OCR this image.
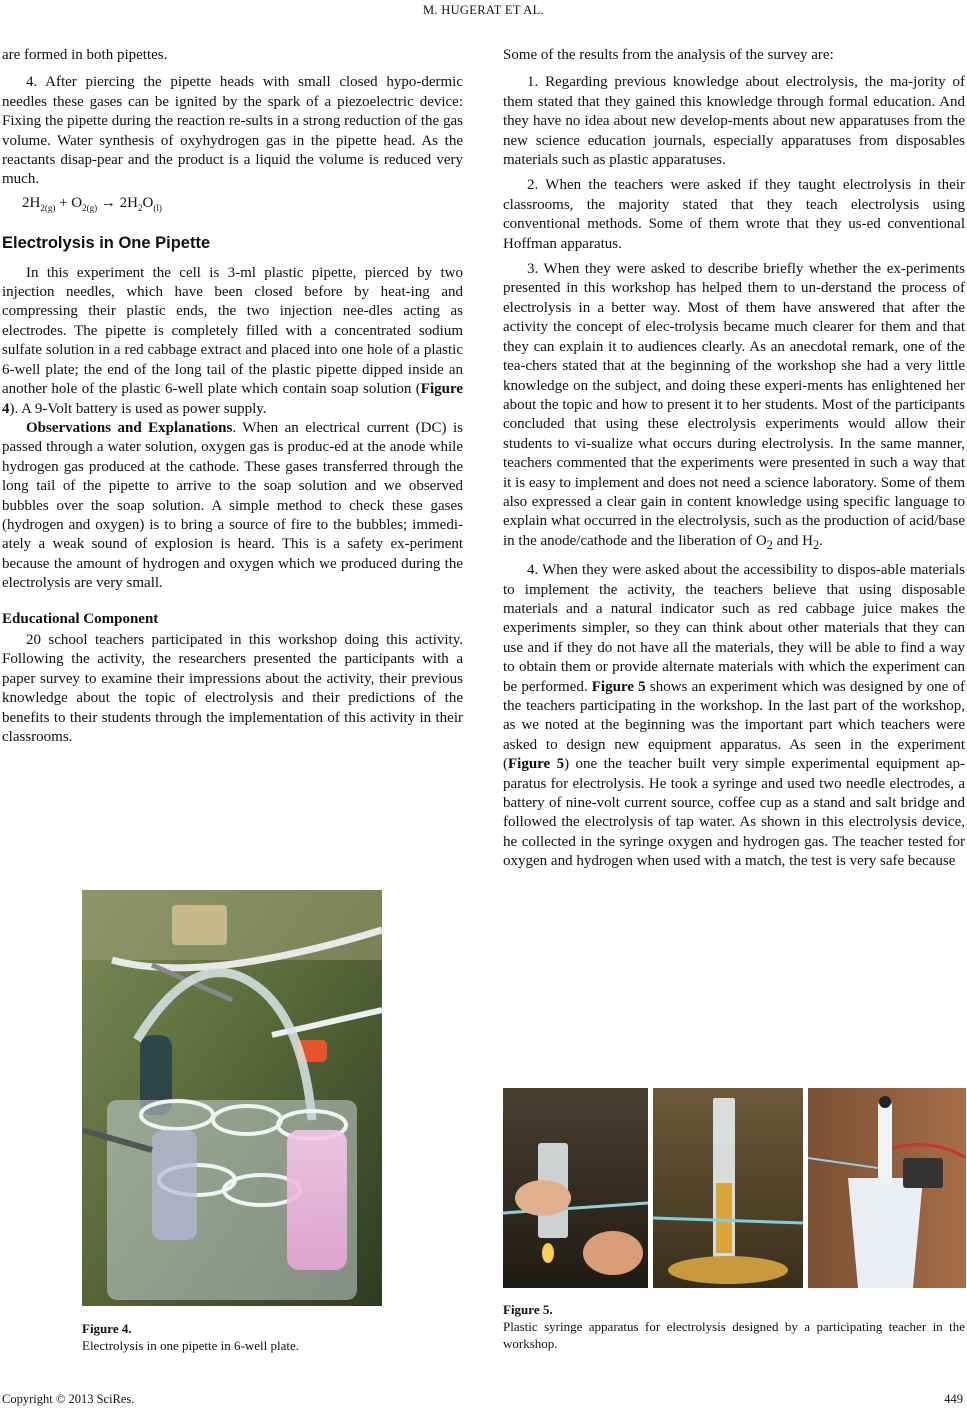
M. HUGERAT ET AL.

are formed in both pipettes.

4. After piercing the pipette heads with small closed hypo-dermic needles these gases can be ignited by the spark of a piezoelectric device: Fixing the pipette during the reaction re-sults in a strong reduction of the gas volume. Water synthesis of oxyhydrogen gas in the pipette head. As the reactants disap-pear and the product is a liquid the volume is reduced very much.

$2H_{2(g)} + O_{2(g)} \to 2H_2O_{(l)}$
Electrolysis in One Pipette

In this experiment the cell is 3-ml plastic pipette, pierced by two injection needles, which have been closed before by heat-ing and compressing their plastic ends, the two injection nee-dles acting as electrodes. The pipette is completely filled with a concentrated sodium sulfate solution in a red cabbage extract and placed into one hole of a plastic 6-well plate; the end of the long tail of the plastic pipette dipped inside an another hole of the plastic 6-well plate which contain soap solution (Figure 4). A 9-Volt battery is used as power supply.

Observations and Explanations. When an electrical current (DC) is passed through a water solution, oxygen gas is produc-ed at the anode while hydrogen gas produced at the cathode. These gases transferred through the long tail of the pipette to arrive to the soap solution and we observed bubbles over the soap solution. A simple method to check these gases (hydrogen and oxygen) is to bring a source of fire to the bubbles; immedi-ately a weak sound of explosion is heard. This is a safety ex-periment because the amount of hydrogen and oxygen which we produced during the electrolysis are very small.

Educational Component

20 school teachers participated in this workshop doing this activity. Following the activity, the researchers presented the participants with a paper survey to examine their impressions about the activity, their previous knowledge about the topic of electrolysis and their predictions of the benefits to their students through the implementation of this activity in their classrooms.

Figure 4.
Electrolysis in one pipette in 6-well plate.

Some of the results from the analysis of the survey are:

1. Regarding previous knowledge about electrolysis, the ma-jority of them stated that they gained this knowledge through formal education. And they have no idea about new develop-ments about new apparatuses from the new science education journals, especially apparatuses from disposables materials such as plastic apparatuses.

2. When the teachers were asked if they taught electrolysis in their classrooms, the majority stated that they teach electrolysis using conventional methods. Some of them wrote that they us-ed conventional Hoffman apparatus.

3. When they were asked to describe briefly whether the ex-periments presented in this workshop has helped them to un-derstand the process of electrolysis in a better way. Most of them have answered that after the activity the concept of elec-trolysis became much clearer for them and that they can explain it to audiences clearly. As an anecdotal remark, one of the tea-chers stated that at the beginning of the workshop she had a very little knowledge on the subject, and doing these experi-ments has enlightened her about the topic and how to present it to her students. Most of the participants concluded that using these electrolysis experiments would allow their students to vi-sualize what occurs during electrolysis. In the same manner, teachers commented that the experiments were presented in such a way that it is easy to implement and does not need a science laboratory. Some of them also expressed a clear gain in content knowledge using specific language to explain what occurred in the electrolysis, such as the production of acid/base in the anode/cathode and the liberation of $O_2$ and $H_2$.

4. When they were asked about the accessibility to dispos-able materials to implement the activity, the teachers believe that using disposable materials and a natural indicator such as red cabbage juice makes the experiments simpler, so they can think about other materials that they can use and if they do not have all the materials, they will be able to find a way to obtain them or provide alternate materials with which the experiment can be performed. Figure 5 shows an experiment which was designed by one of the teachers participating in the workshop. In the last part of the workshop, as we noted at the beginning was the important part which teachers were asked to design new equipment apparatus. As seen in the experiment (Figure 5) one the teacher built very simple experimental equipment ap-paratus for electrolysis. He took a syringe and used two needle electrodes, a battery of nine-volt current source, coffee cup as a stand and salt bridge and followed the electrolysis of tap water. As shown in this electrolysis device, he collected in the syringe oxygen and hydrogen gas. The teacher tested for oxygen and hydrogen when used with a match, the test is very safe because

Figure 5.
Plastic syringe apparatus for electrolysis designed by a participating teacher in the workshop.
Copyright © 2013 SciRes.	449
